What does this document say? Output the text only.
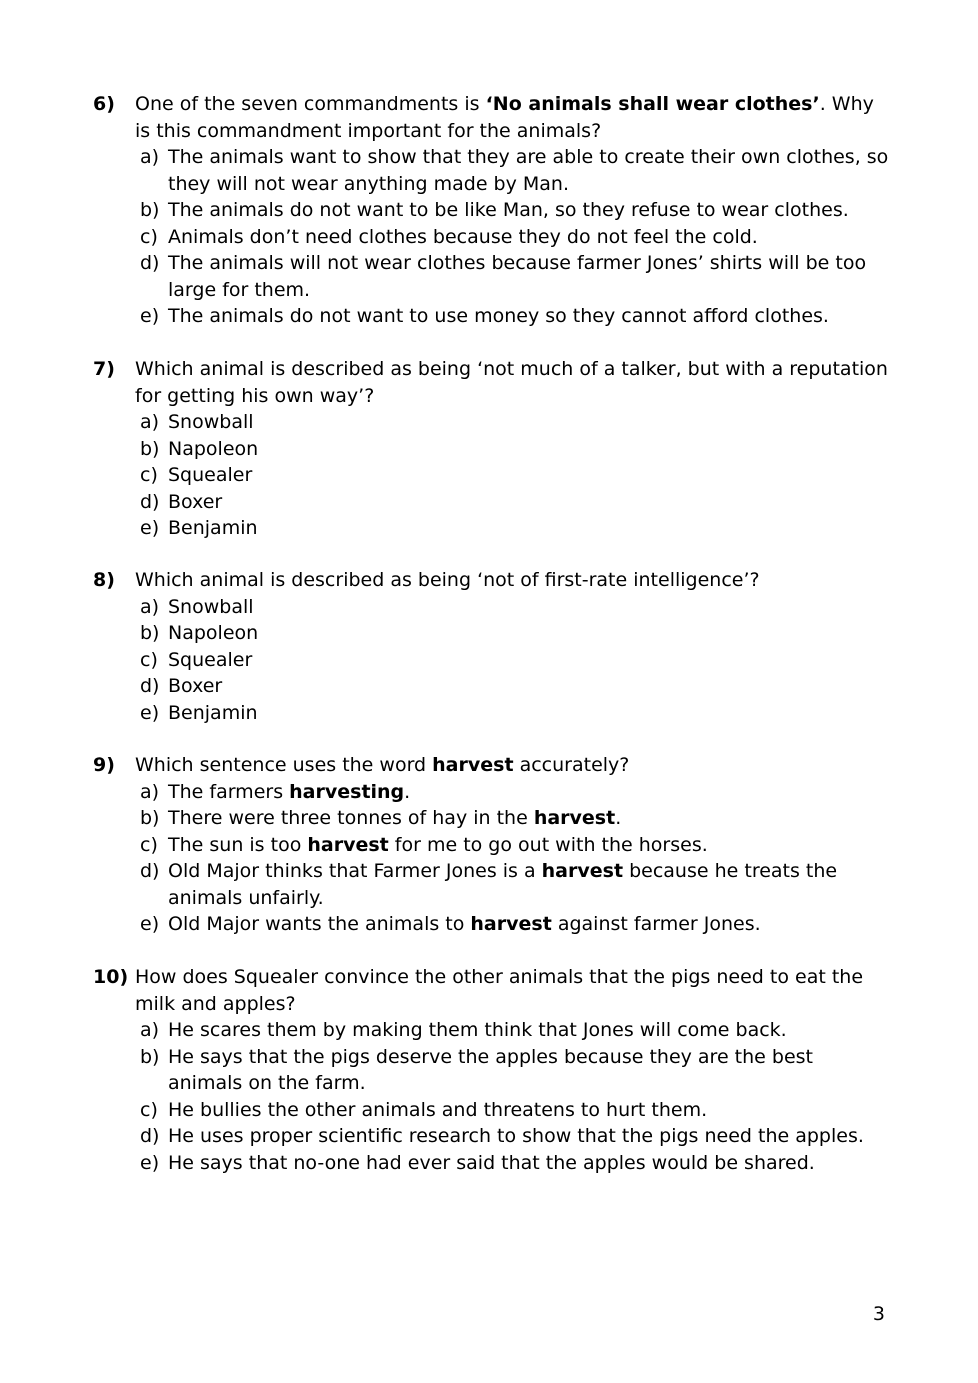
6) One of the seven commandments is ‘No animals shall wear clothes’. Why is this commandment important for the animals?
a) The animals want to show that they are able to create their own clothes, so they will not wear anything made by Man.
b) The animals do not want to be like Man, so they refuse to wear clothes.
c) Animals don’t need clothes because they do not feel the cold.
d) The animals will not wear clothes because farmer Jones’ shirts will be too large for them.
e) The animals do not want to use money so they cannot afford clothes.
7) Which animal is described as being ‘not much of a talker, but with a reputation for getting his own way’?
a) Snowball
b) Napoleon
c) Squealer
d) Boxer
e) Benjamin
8) Which animal is described as being ‘not of first-rate intelligence’?
a) Snowball
b) Napoleon
c) Squealer
d) Boxer
e) Benjamin
9) Which sentence uses the word harvest accurately?
a) The farmers harvesting.
b) There were three tonnes of hay in the harvest.
c) The sun is too harvest for me to go out with the horses.
d) Old Major thinks that Farmer Jones is a harvest because he treats the animals unfairly.
e) Old Major wants the animals to harvest against farmer Jones.
10) How does Squealer convince the other animals that the pigs need to eat the milk and apples?
a) He scares them by making them think that Jones will come back.
b) He says that the pigs deserve the apples because they are the best animals on the farm.
c) He bullies the other animals and threatens to hurt them.
d) He uses proper scientific research to show that the pigs need the apples.
e) He says that no-one had ever said that the apples would be shared.
3
